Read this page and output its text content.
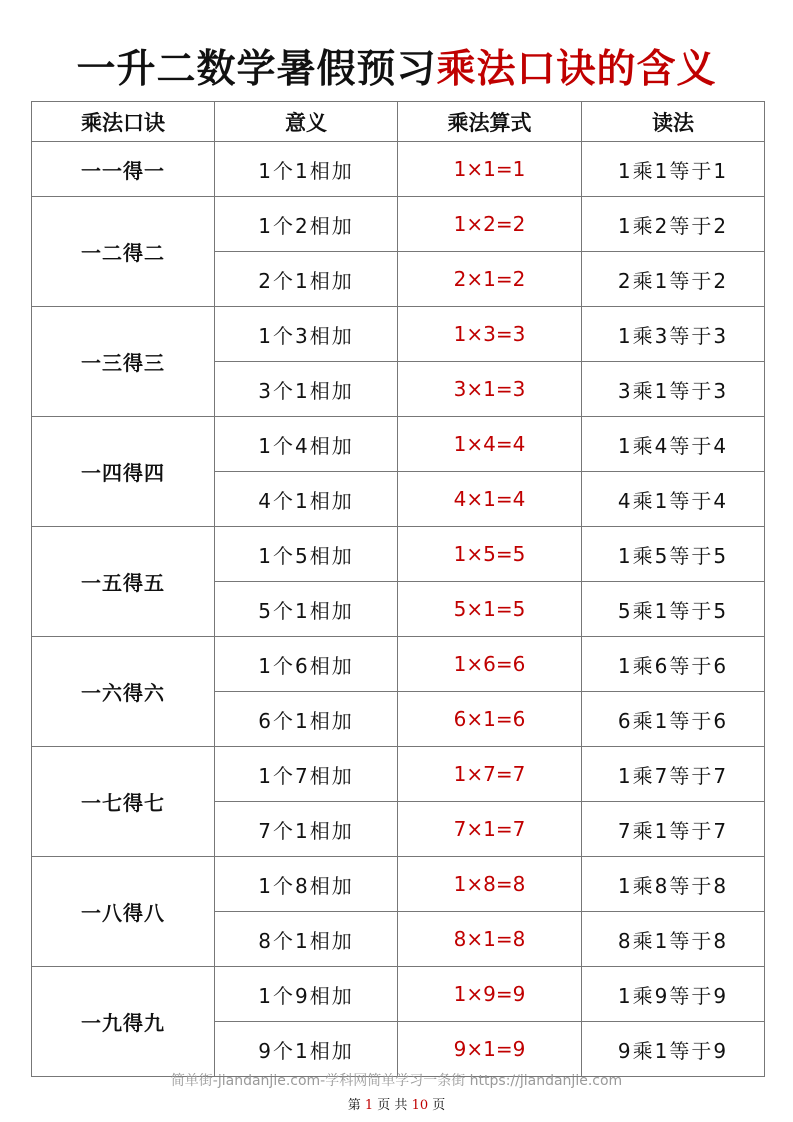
一升二数学暑假预习乘法口诀的含义
乘法口诀	意义	乘法算式	读法
一一得一	1个1相加	1×1=1	1乘1等于1
一二得二	1个2相加	1×2=2	1乘2等于2
	2个1相加	2×1=2	2乘1等于2
一三得三	1个3相加	1×3=3	1乘3等于3
	3个1相加	3×1=3	3乘1等于3
一四得四	1个4相加	1×4=4	1乘4等于4
	4个1相加	4×1=4	4乘1等于4
一五得五	1个5相加	1×5=5	1乘5等于5
	5个1相加	5×1=5	5乘1等于5
一六得六	1个6相加	1×6=6	1乘6等于6
	6个1相加	6×1=6	6乘1等于6
一七得七	1个7相加	1×7=7	1乘7等于7
	7个1相加	7×1=7	7乘1等于7
一八得八	1个8相加	1×8=8	1乘8等于8
	8个1相加	8×1=8	8乘1等于8
一九得九	1个9相加	1×9=9	1乘9等于9
	9个1相加	9×1=9	9乘1等于9
简单街-jiandanjie.com-学科网简单学习一条街 https://jiandanjie.com
第 1 页 共 10 页
